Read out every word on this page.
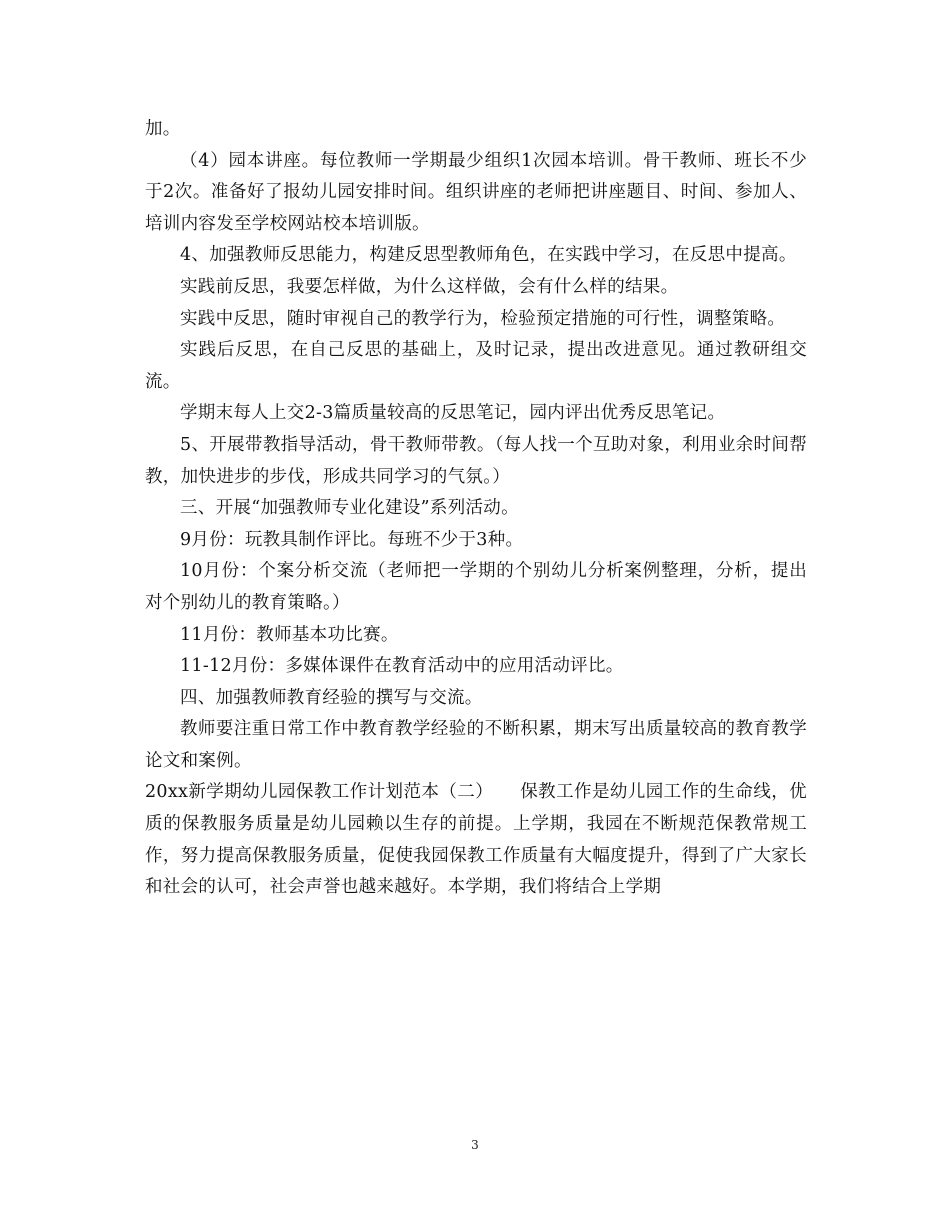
加。

（4）园本讲座。每位教师一学期最少组织1次园本培训。骨干教师、班长不少于2次。准备好了报幼儿园安排时间。组织讲座的老师把讲座题目、时间、参加人、培训内容发至学校网站校本培训版。

4、加强教师反思能力，构建反思型教师角色，在实践中学习，在反思中提高。

实践前反思，我要怎样做，为什么这样做，会有什么样的结果。

实践中反思，随时审视自己的教学行为，检验预定措施的可行性，调整策略。

实践后反思，在自己反思的基础上，及时记录，提出改进意见。通过教研组交流。

学期末每人上交2-3篇质量较高的反思笔记，园内评出优秀反思笔记。

5、开展带教指导活动，骨干教师带教。（每人找一个互助对象，利用业余时间帮教，加快进步的步伐，形成共同学习的气氛。）

三、开展“加强教师专业化建设”系列活动。

9月份：玩教具制作评比。每班不少于3种。

10月份：个案分析交流（老师把一学期的个别幼儿分析案例整理，分析，提出对个别幼儿的教育策略。）

11月份：教师基本功比赛。

11-12月份：多媒体课件在教育活动中的应用活动评比。

四、加强教师教育经验的撰写与交流。

教师要注重日常工作中教育教学经验的不断积累，期末写出质量较高的教育教学论文和案例。

20xx新学期幼儿园保教工作计划范本（二）　　保教工作是幼儿园工作的生命线，优质的保教服务质量是幼儿园赖以生存的前提。上学期，我园在不断规范保教常规工作，努力提高保教服务质量，促使我园保教工作质量有大幅度提升，得到了广大家长和社会的认可，社会声誉也越来越好。本学期，我们将结合上学期

3
